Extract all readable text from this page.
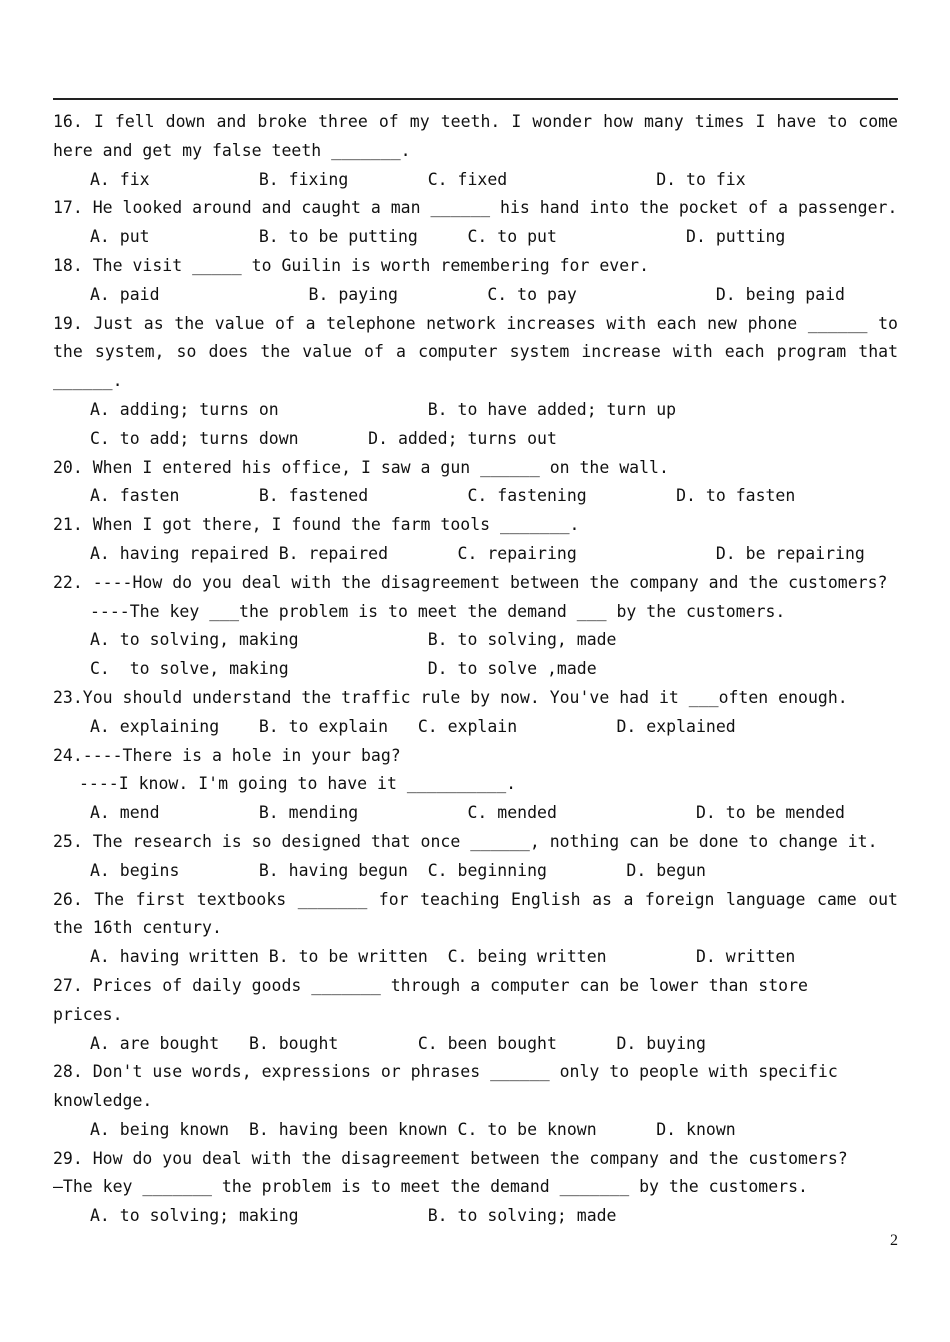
16. I fell down and broke three of my teeth. I wonder how many times I have to come
here and get my false teeth _______.
A. fix           B. fixing        C. fixed               D. to fix
17. He looked around and caught a man ______ his hand into the pocket of a passenger.
A. put           B. to be putting     C. to put             D. putting
18. The visit _____ to Guilin is worth remembering for ever.
A. paid               B. paying         C. to pay              D. being paid
19. Just as the value of a telephone network increases with each new phone ______ to
the system, so does the value of a computer system increase with each program that
______.
A. adding; turns on               B. to have added; turn up
C. to add; turns down       D. added; turns out
20. When I entered his office, I saw a gun ______ on the wall.
A. fasten        B. fastened          C. fastening         D. to fasten
21. When I got there, I found the farm tools _______.
A. having repaired B. repaired       C. repairing              D. be repairing
22. ----How do you deal with the disagreement between the company and the customers?
----The key ___the problem is to meet the demand ___ by the customers.
A. to solving, making             B. to solving, made
C.  to solve, making              D. to solve ,made
23.You should understand the traffic rule by now. You've had it ___often enough.
A. explaining    B. to explain   C. explain          D. explained
24.----There is a hole in your bag?
----I know. I'm going to have it __________.
A. mend          B. mending           C. mended              D. to be mended
25. The research is so designed that once ______, nothing can be done to change it.
A. begins        B. having begun  C. beginning        D. begun
26. The first textbooks _______ for teaching English as a foreign language came out
the 16th century.
A. having written B. to be written  C. being written         D. written
27. Prices of daily goods _______ through a computer can be lower than store
prices.
A. are bought   B. bought        C. been bought      D. buying
28. Don't use words, expressions or phrases ______ only to people with specific
knowledge.
A. being known  B. having been known C. to be known      D. known
29. How do you deal with the disagreement between the company and the customers?
—The key _______ the problem is to meet the demand _______ by the customers.
A. to solving; making             B. to solving; made
2
